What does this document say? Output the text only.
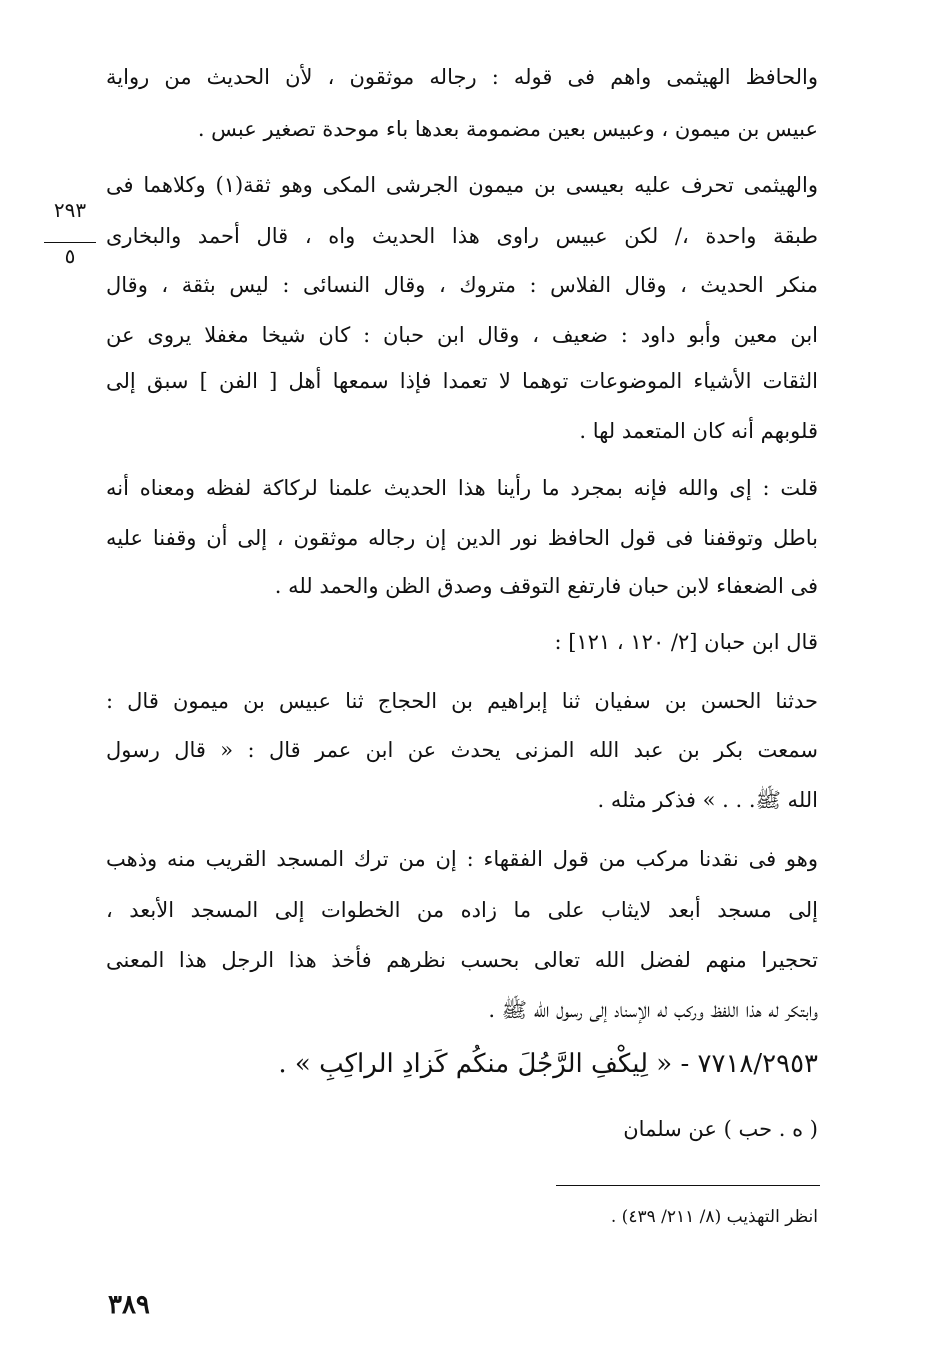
٢٩٣
٥
والحافظ الهيثمى واهم فى قوله : رجاله موثقون ، لأن الحديث من رواية
عبيس بن ميمون ، وعبيس بعين مضمومة بعدها باء موحدة تصغير عبس .
والهيثمى تحرف عليه بعيسى بن ميمون الجرشى المكى وهو ثقة(١) وكلاهما فى
طبقة واحدة ،/ لكن عبيس راوى هذا الحديث واه ، قال أحمد والبخارى
منكر الحديث ، وقال الفلاس : متروك ، وقال النسائى : ليس بثقة ، وقال
ابن معين وأبو داود : ضعيف ، وقال ابن حبان : كان شيخا مغفلا يروى عن
الثقات الأشياء الموضوعات توهما لا تعمدا فإذا سمعها أهل [ الفن ] سبق إلى
قلوبهم أنه كان المتعمد لها .
قلت : إى والله فإنه بمجرد ما رأينا هذا الحديث علمنا لركاكة لفظه ومعناه أنه
باطل وتوقفنا فى قول الحافظ نور الدين إن رجاله موثقون ، إلى أن وقفنا عليه
فى الضعفاء لابن حبان فارتفع التوقف وصدق الظن والحمد لله .
قال ابن حبان [٢/ ١٢٠ ، ١٢١] :
حدثنا الحسن بن سفيان ثنا إبراهيم بن الحجاج ثنا عبيس بن ميمون قال :
سمعت بكر بن عبد الله المزنى يحدث عن ابن عمر قال : « قال رسول
الله ﷺ. . . » فذكر مثله .
وهو فى نقدنا مركب من قول الفقهاء : إن من ترك المسجد القريب منه وذهب
إلى مسجد أبعد لايثاب على ما زاده من الخطوات إلى المسجد الأبعد ،
تحجيرا منهم لفضل الله تعالى بحسب نظرهم فأخذ هذا الرجل هذا المعنى
وابتكر له هذا اللفظ وركب له الإسناد إلى رسول الله ﷺ .
٧٧١٨/٢٩٥٣ - « لِيكْفِ الرَّجُلَ منكُم كَزادِ الراكِبِ » .
( ه . حب ) عن سلمان
انظر التهذيب (٨/ ٢١١/ ٤٣٩) .
٣٨٩
